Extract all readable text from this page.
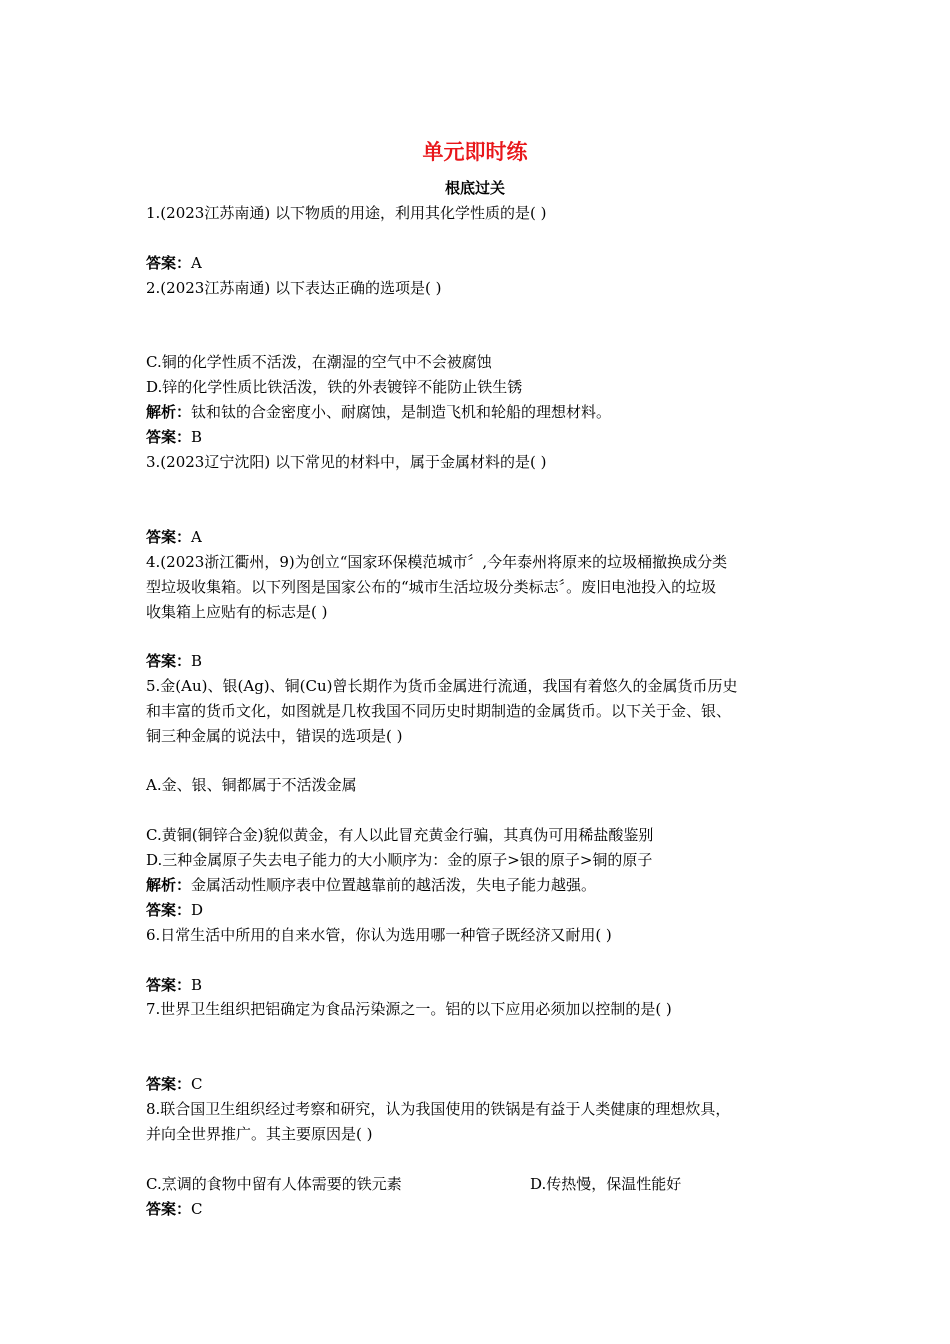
单元即时练
根底过关
1.(2023江苏南通) 以下物质的用途，利用其化学性质的是( )
答案：A
2.(2023江苏南通) 以下表达正确的选项是( )
C.铜的化学性质不活泼，在潮湿的空气中不会被腐蚀
D.锌的化学性质比铁活泼，铁的外表镀锌不能防止铁生锈
解析：钛和钛的合金密度小、耐腐蚀，是制造飞机和轮船的理想材料。
答案：B
3.(2023辽宁沈阳) 以下常见的材料中，属于金属材料的是( )
答案：A
4.(2023浙江衢州，9)为创立“国家环保模范城市〞,今年泰州将原来的垃圾桶撤换成分类
型垃圾收集箱。以下列图是国家公布的“城市生活垃圾分类标志〞。废旧电池投入的垃圾
收集箱上应贴有的标志是( )
答案：B
5.金(Au)、银(Ag)、铜(Cu)曾长期作为货币金属进行流通，我国有着悠久的金属货币历史
和丰富的货币文化，如图就是几枚我国不同历史时期制造的金属货币。以下关于金、银、
铜三种金属的说法中，错误的选项是( )
A.金、银、铜都属于不活泼金属
C.黄铜(铜锌合金)貌似黄金，有人以此冒充黄金行骗，其真伪可用稀盐酸鉴别
D.三种金属原子失去电子能力的大小顺序为：金的原子>银的原子>铜的原子
解析：金属活动性顺序表中位置越靠前的越活泼，失电子能力越强。
答案：D
6.日常生活中所用的自来水管，你认为选用哪一种管子既经济又耐用( )
答案：B
7.世界卫生组织把铝确定为食品污染源之一。铝的以下应用必须加以控制的是( )
答案：C
8.联合国卫生组织经过考察和研究，认为我国使用的铁锅是有益于人类健康的理想炊具，
并向全世界推广。其主要原因是( )
C.烹调的食物中留有人体需要的铁元素	D.传热慢，保温性能好
答案：C
